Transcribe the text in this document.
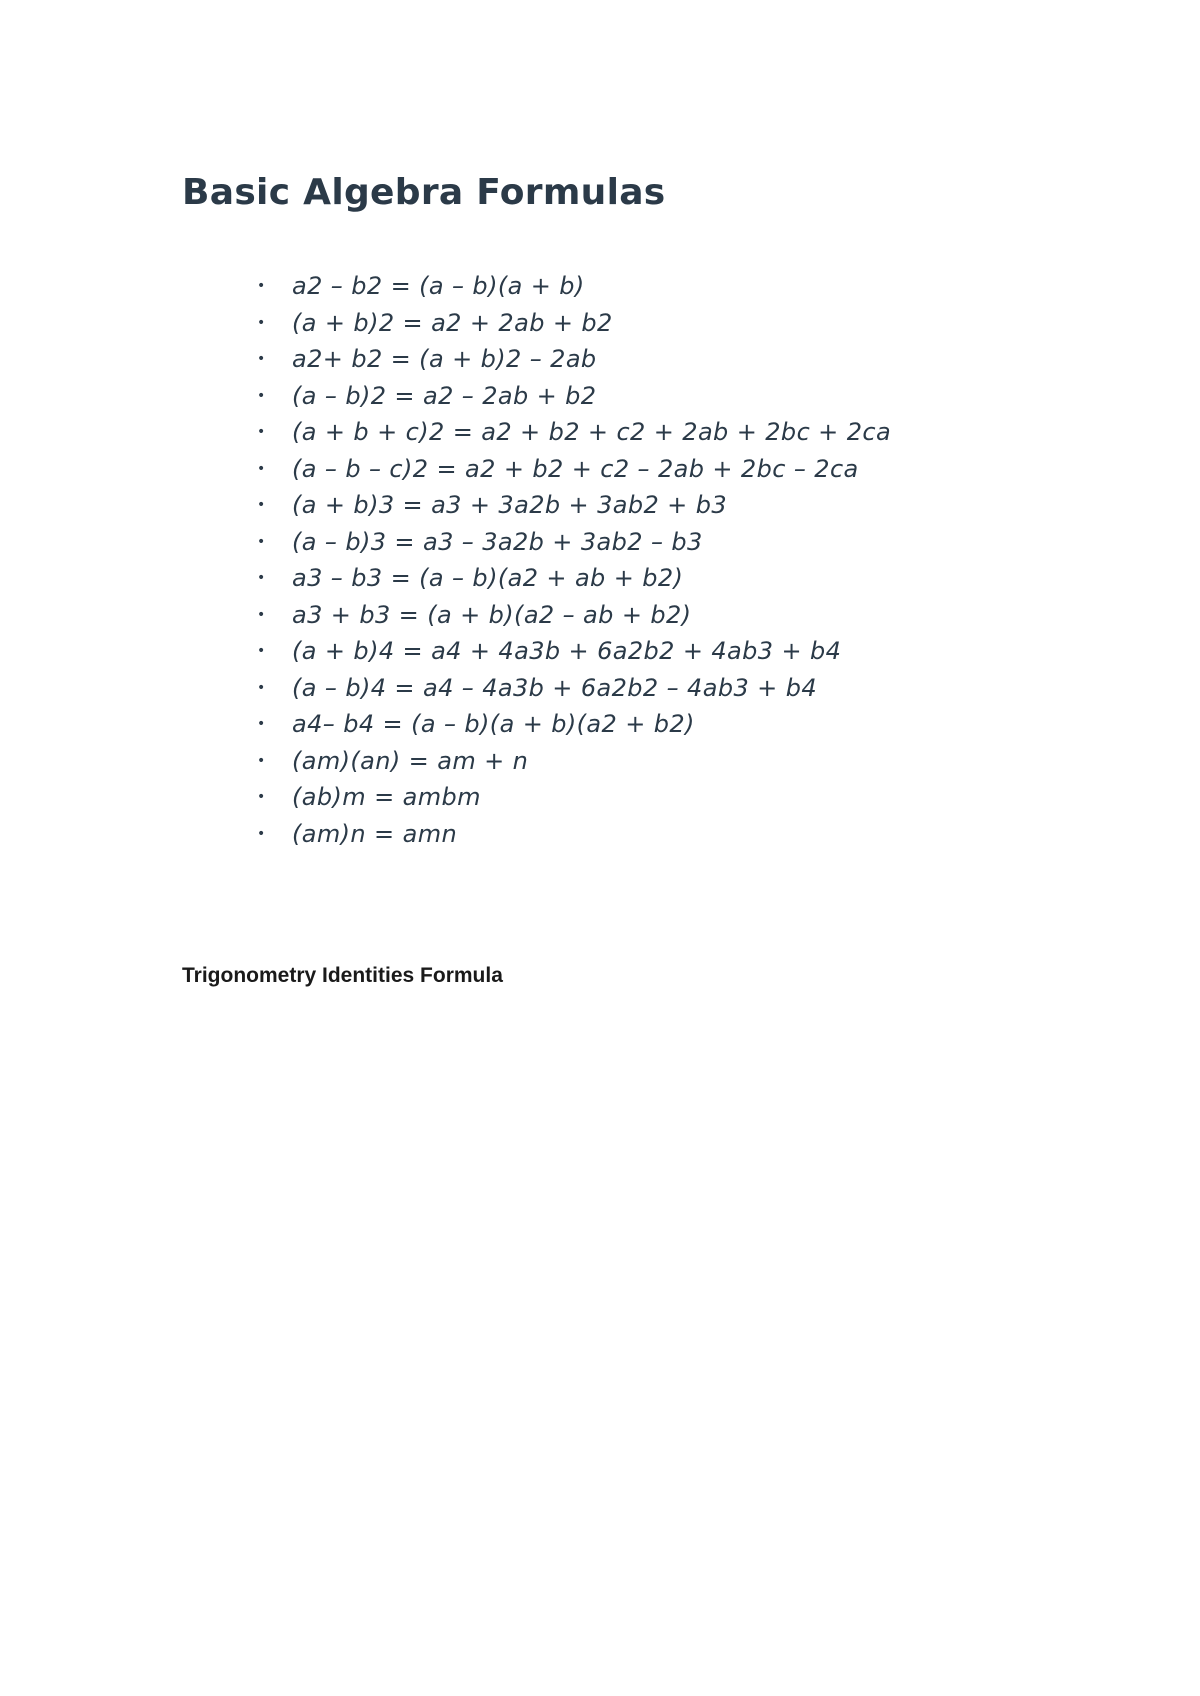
Basic Algebra Formulas
• a2 – b2 = (a – b)(a + b)
• (a + b)2 = a2 + 2ab + b2
• a2+ b2 = (a + b)2 – 2ab
• (a – b)2 = a2 – 2ab + b2
• (a + b + c)2 = a2 + b2 + c2 + 2ab + 2bc + 2ca
• (a – b – c)2 = a2 + b2 + c2 – 2ab + 2bc – 2ca
• (a + b)3 = a3 + 3a2b + 3ab2 + b3
• (a – b)3 = a3 – 3a2b + 3ab2 – b3
• a3 – b3 = (a – b)(a2 + ab + b2)
• a3 + b3 = (a + b)(a2 – ab + b2)
• (a + b)4 = a4 + 4a3b + 6a2b2 + 4ab3 + b4
• (a – b)4 = a4 – 4a3b + 6a2b2 – 4ab3 + b4
• a4– b4 = (a – b)(a + b)(a2 + b2)
• (am)(an) = am + n
• (ab)m = ambm
• (am)n = amn
Trigonometry Identities Formula
